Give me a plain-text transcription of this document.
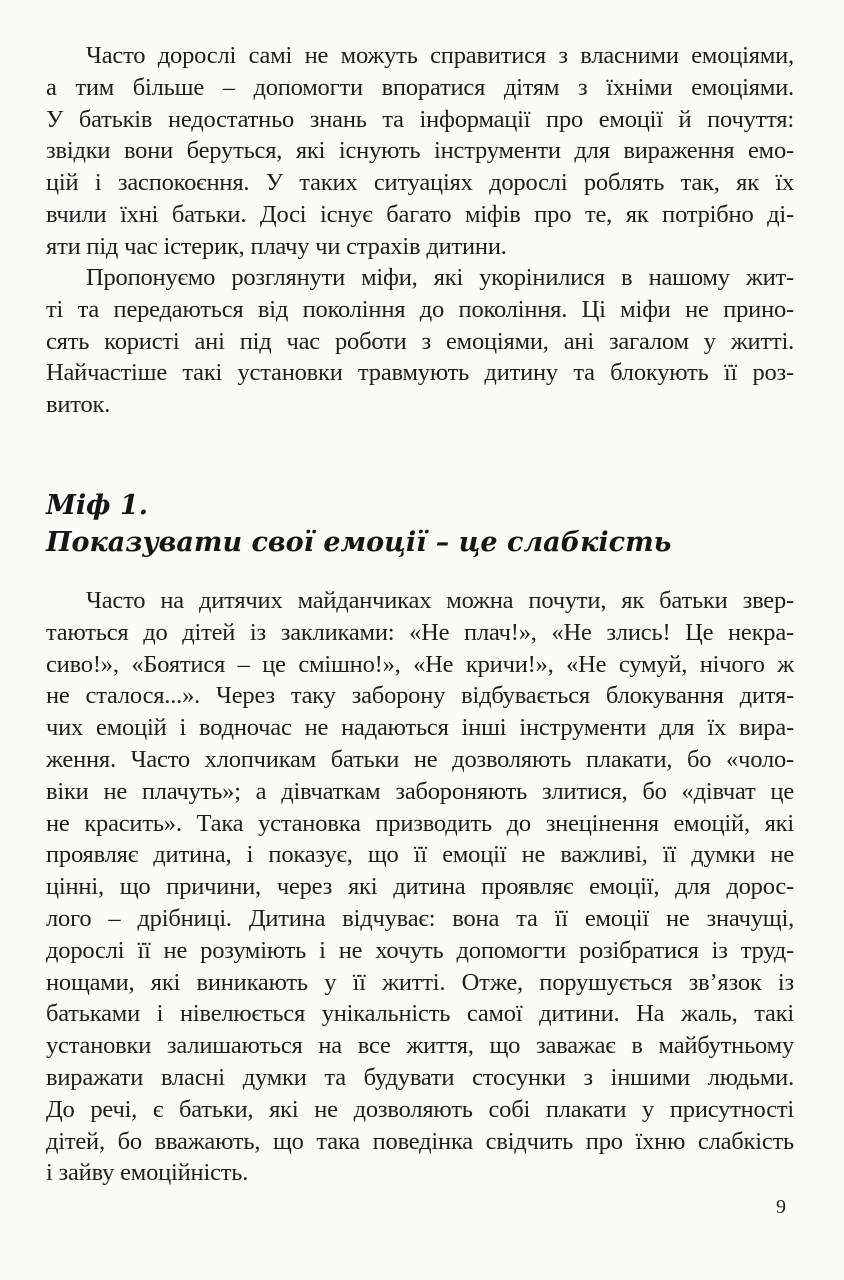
Часто дорослі самі не можуть справитися з власними емоціями,
а тим більше – допомогти впоратися дітям з їхніми емоціями.
У батьків недостатньо знань та інформації про емоції й почуття:
звідки вони беруться, які існують інструменти для вираження емо-
цій і заспокоєння. У таких ситуаціях дорослі роблять так, як їх
вчили їхні батьки. Досі існує багато міфів про те, як потрібно ді-
яти під час істерик, плачу чи страхів дитини.
Пропонуємо розглянути міфи, які укорінилися в нашому жит-
ті та передаються від покоління до покоління. Ці міфи не прино-
сять користі ані під час роботи з емоціями, ані загалом у житті.
Найчастіше такі установки травмують дитину та блокують її роз-
виток.
Міф 1.
Показувати свої емоції – це слабкість
Часто на дитячих майданчиках можна почути, як батьки звер-
таються до дітей із закликами: «Не плач!», «Не злись! Це некра-
сиво!», «Боятися – це смішно!», «Не кричи!», «Не сумуй, нічого ж
не сталося...». Через таку заборону відбувається блокування дитя-
чих емоцій і водночас не надаються інші інструменти для їх вира-
ження. Часто хлопчикам батьки не дозволяють плакати, бо «чоло-
віки не плачуть»; а дівчаткам забороняють злитися, бо «дівчат це
не красить». Така установка призводить до знецінення емоцій, які
проявляє дитина, і показує, що її емоції не важливі, її думки не
цінні, що причини, через які дитина проявляє емоції, для дорос-
лого – дрібниці. Дитина відчуває: вона та її емоції не значущі,
дорослі її не розуміють і не хочуть допомогти розібратися із труд-
нощами, які виникають у її житті. Отже, порушується зв’язок із
батьками і нівелюється унікальність самої дитини. На жаль, такі
установки залишаються на все життя, що заважає в майбутньому
виражати власні думки та будувати стосунки з іншими людьми.
До речі, є батьки, які не дозволяють собі плакати у присутності
дітей, бо вважають, що така поведінка свідчить про їхню слабкість
і зайву емоційність.
9
